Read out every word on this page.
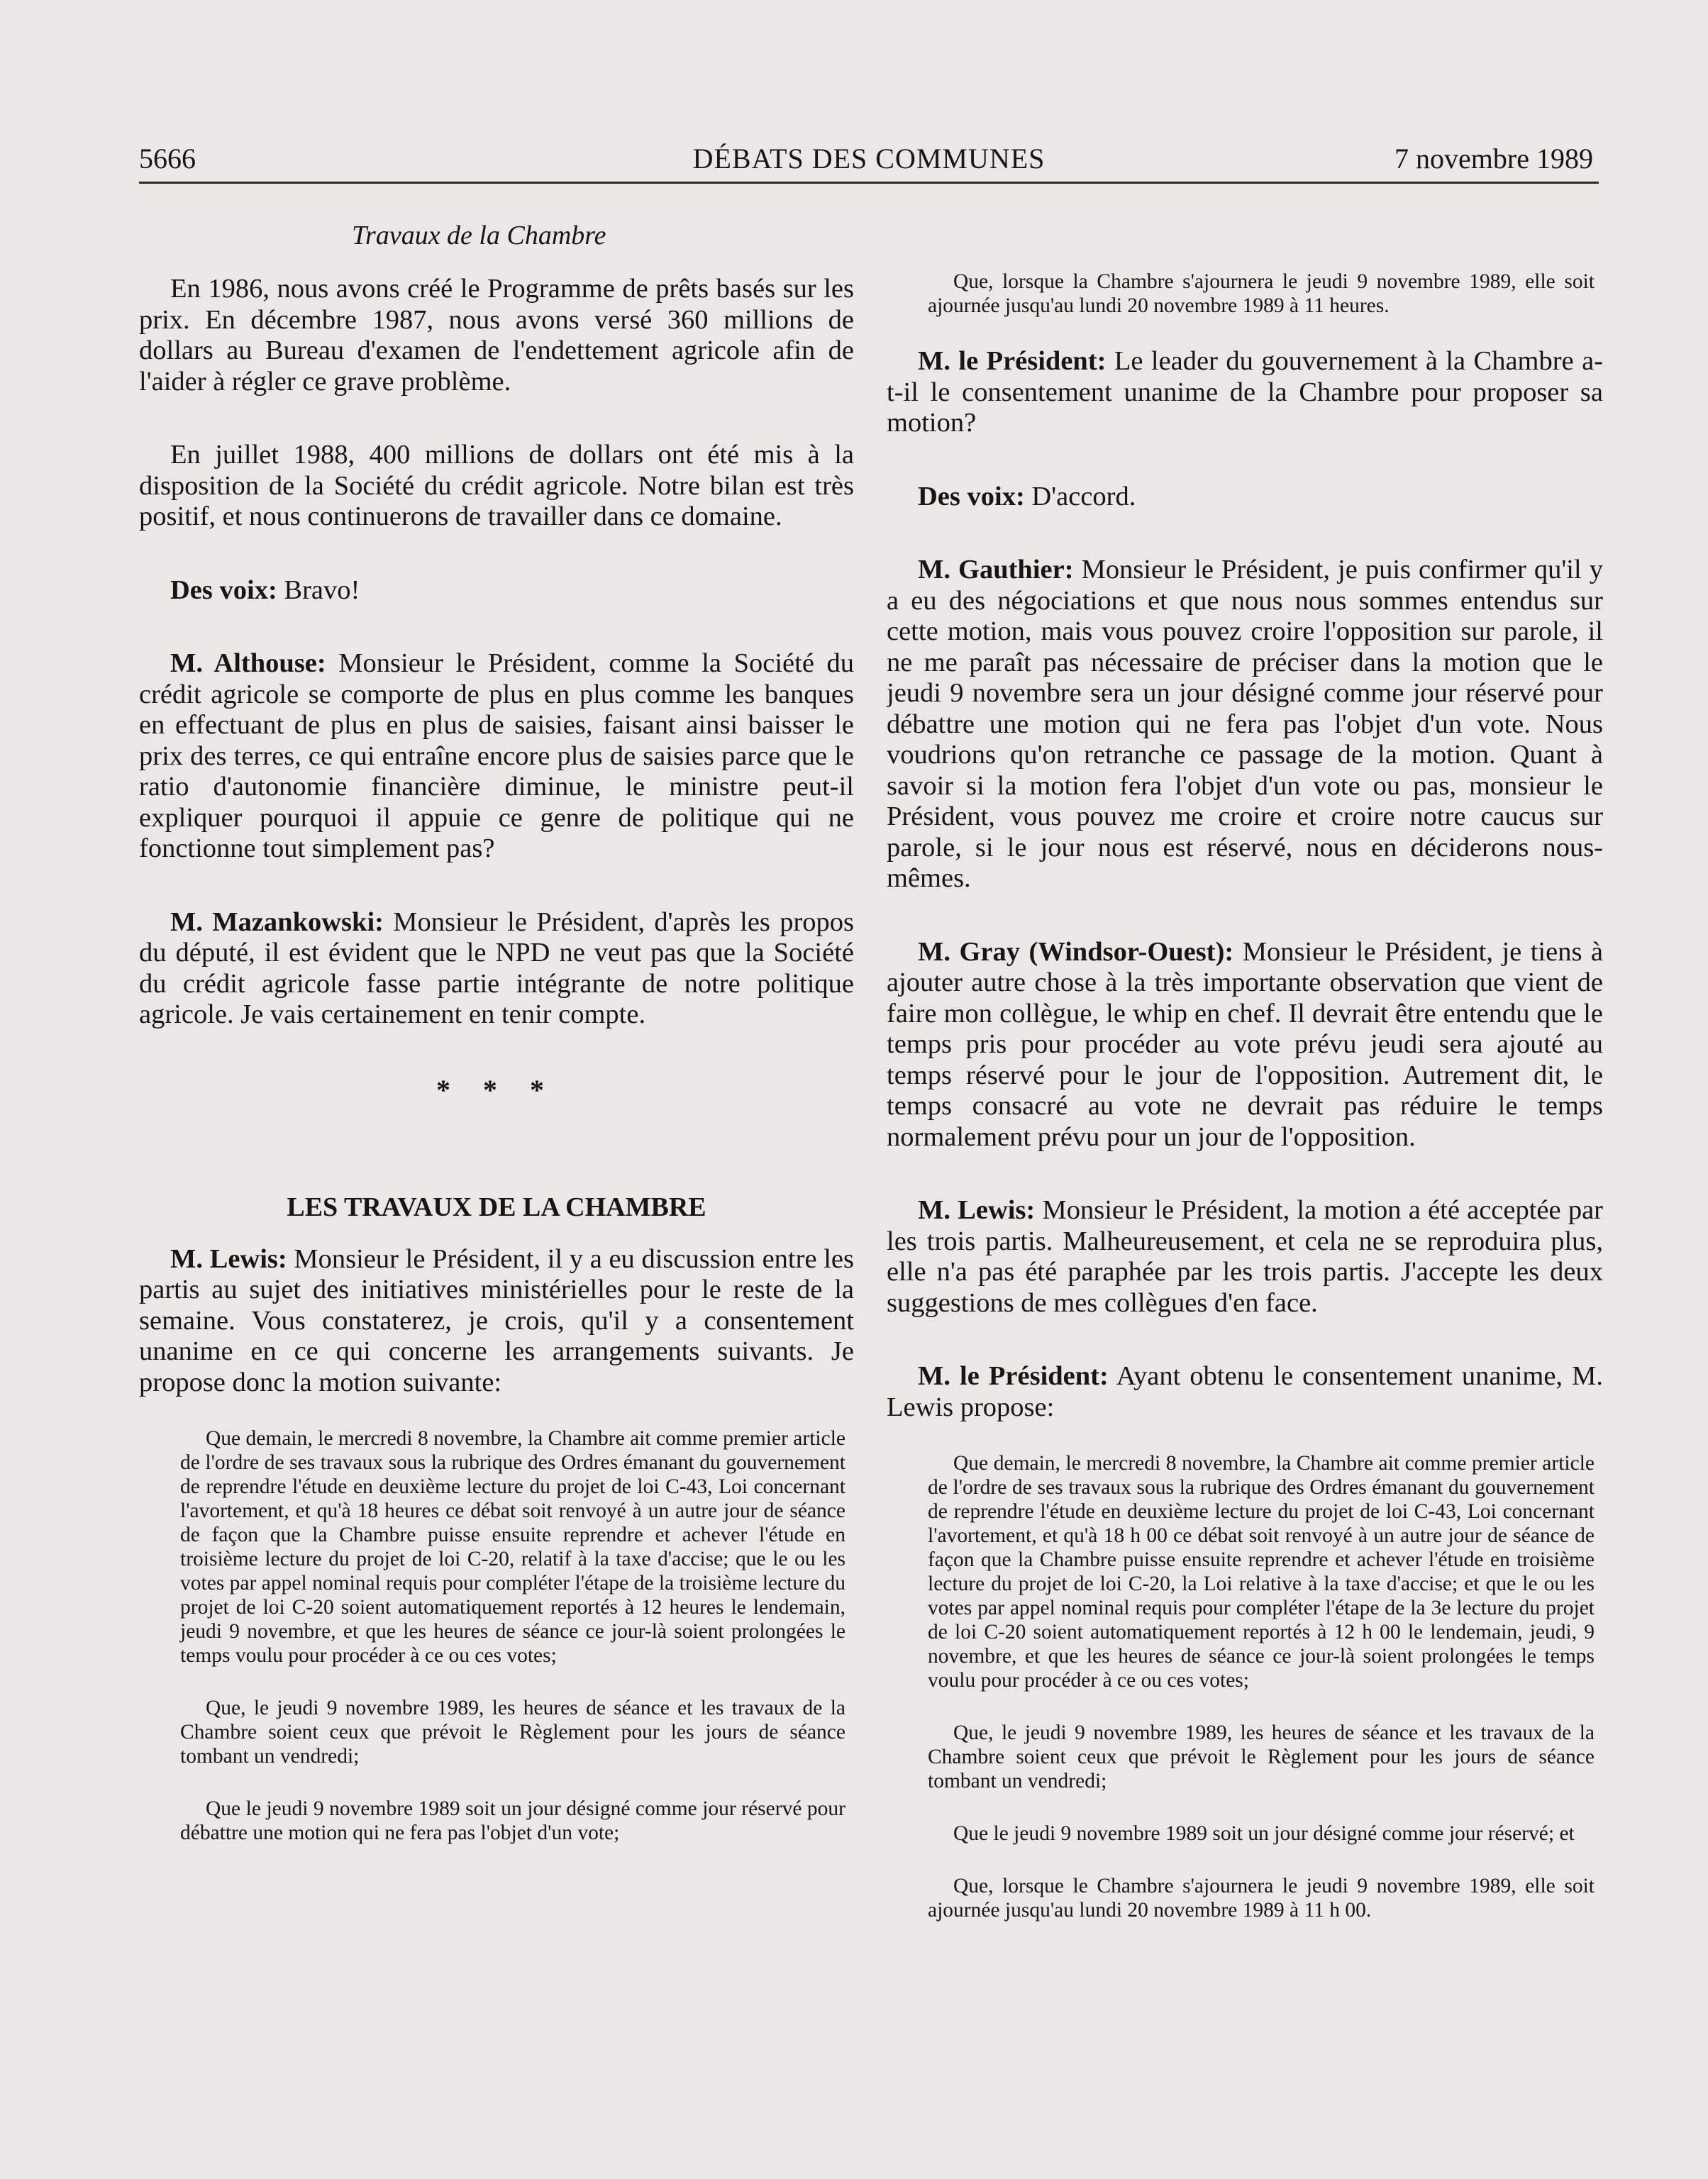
5666	DÉBATS DES COMMUNES	7 novembre 1989
Travaux de la Chambre

En 1986, nous avons créé le Programme de prêts basés sur les prix. En décembre 1987, nous avons versé 360 millions de dollars au Bureau d'examen de l'endettement agricole afin de l'aider à régler ce grave problème.

En juillet 1988, 400 millions de dollars ont été mis à la disposition de la Société du crédit agricole. Notre bilan est très positif, et nous continuerons de travailler dans ce domaine.

Des voix: Bravo!

M. Althouse: Monsieur le Président, comme la Société du crédit agricole se comporte de plus en plus comme les banques en effectuant de plus en plus de saisies, faisant ainsi baisser le prix des terres, ce qui entraîne encore plus de saisies parce que le ratio d'autonomie financière diminue, le ministre peut-il expliquer pourquoi il appuie ce genre de politique qui ne fonctionne tout simplement pas?

M. Mazankowski: Monsieur le Président, d'après les propos du député, il est évident que le NPD ne veut pas que la Société du crédit agricole fasse partie intégrante de notre politique agricole. Je vais certainement en tenir compte.

* * *
LES TRAVAUX DE LA CHAMBRE

M. Lewis: Monsieur le Président, il y a eu discussion entre les partis au sujet des initiatives ministérielles pour le reste de la semaine. Vous constaterez, je crois, qu'il y a consentement unanime en ce qui concerne les arrangements suivants. Je propose donc la motion suivante:

Que demain, le mercredi 8 novembre, la Chambre ait comme premier article de l'ordre de ses travaux sous la rubrique des Ordres émanant du gouvernement de reprendre l'étude en deuxième lecture du projet de loi C-43, Loi concernant l'avortement, et qu'à 18 heures ce débat soit renvoyé à un autre jour de séance de façon que la Chambre puisse ensuite reprendre et achever l'étude en troisième lecture du projet de loi C-20, relatif à la taxe d'accise; que le ou les votes par appel nominal requis pour compléter l'étape de la troisième lecture du projet de loi C-20 soient automatiquement reportés à 12 heures le lendemain, jeudi 9 novembre, et que les heures de séance ce jour-là soient prolongées le temps voulu pour procéder à ce ou ces votes;

Que, le jeudi 9 novembre 1989, les heures de séance et les travaux de la Chambre soient ceux que prévoit le Règlement pour les jours de séance tombant un vendredi;

Que le jeudi 9 novembre 1989 soit un jour désigné comme jour réservé pour débattre une motion qui ne fera pas l'objet d'un vote;

Que, lorsque la Chambre s'ajournera le jeudi 9 novembre 1989, elle soit ajournée jusqu'au lundi 20 novembre 1989 à 11 heures.

M. le Président: Le leader du gouvernement à la Chambre a-t-il le consentement unanime de la Chambre pour proposer sa motion?

Des voix: D'accord.

M. Gauthier: Monsieur le Président, je puis confirmer qu'il y a eu des négociations et que nous nous sommes entendus sur cette motion, mais vous pouvez croire l'opposition sur parole, il ne me paraît pas nécessaire de préciser dans la motion que le jeudi 9 novembre sera un jour désigné comme jour réservé pour débattre une motion qui ne fera pas l'objet d'un vote. Nous voudrions qu'on retranche ce passage de la motion. Quant à savoir si la motion fera l'objet d'un vote ou pas, monsieur le Président, vous pouvez me croire et croire notre caucus sur parole, si le jour nous est réservé, nous en déciderons nous-mêmes.

M. Gray (Windsor-Ouest): Monsieur le Président, je tiens à ajouter autre chose à la très importante observation que vient de faire mon collègue, le whip en chef. Il devrait être entendu que le temps pris pour procéder au vote prévu jeudi sera ajouté au temps réservé pour le jour de l'opposition. Autrement dit, le temps consacré au vote ne devrait pas réduire le temps normalement prévu pour un jour de l'opposition.

M. Lewis: Monsieur le Président, la motion a été acceptée par les trois partis. Malheureusement, et cela ne se reproduira plus, elle n'a pas été paraphée par les trois partis. J'accepte les deux suggestions de mes collègues d'en face.

M. le Président: Ayant obtenu le consentement unanime, M. Lewis propose:

Que demain, le mercredi 8 novembre, la Chambre ait comme premier article de l'ordre de ses travaux sous la rubrique des Ordres émanant du gouvernement de reprendre l'étude en deuxième lecture du projet de loi C-43, Loi concernant l'avortement, et qu'à 18 h 00 ce débat soit renvoyé à un autre jour de séance de façon que la Chambre puisse ensuite reprendre et achever l'étude en troisième lecture du projet de loi C-20, la Loi relative à la taxe d'accise; et que le ou les votes par appel nominal requis pour compléter l'étape de la 3e lecture du projet de loi C-20 soient automatiquement reportés à 12 h 00 le lendemain, jeudi, 9 novembre, et que les heures de séance ce jour-là soient prolongées le temps voulu pour procéder à ce ou ces votes;

Que, le jeudi 9 novembre 1989, les heures de séance et les travaux de la Chambre soient ceux que prévoit le Règlement pour les jours de séance tombant un vendredi;

Que le jeudi 9 novembre 1989 soit un jour désigné comme jour réservé; et

Que, lorsque le Chambre s'ajournera le jeudi 9 novembre 1989, elle soit ajournée jusqu'au lundi 20 novembre 1989 à 11 h 00.
